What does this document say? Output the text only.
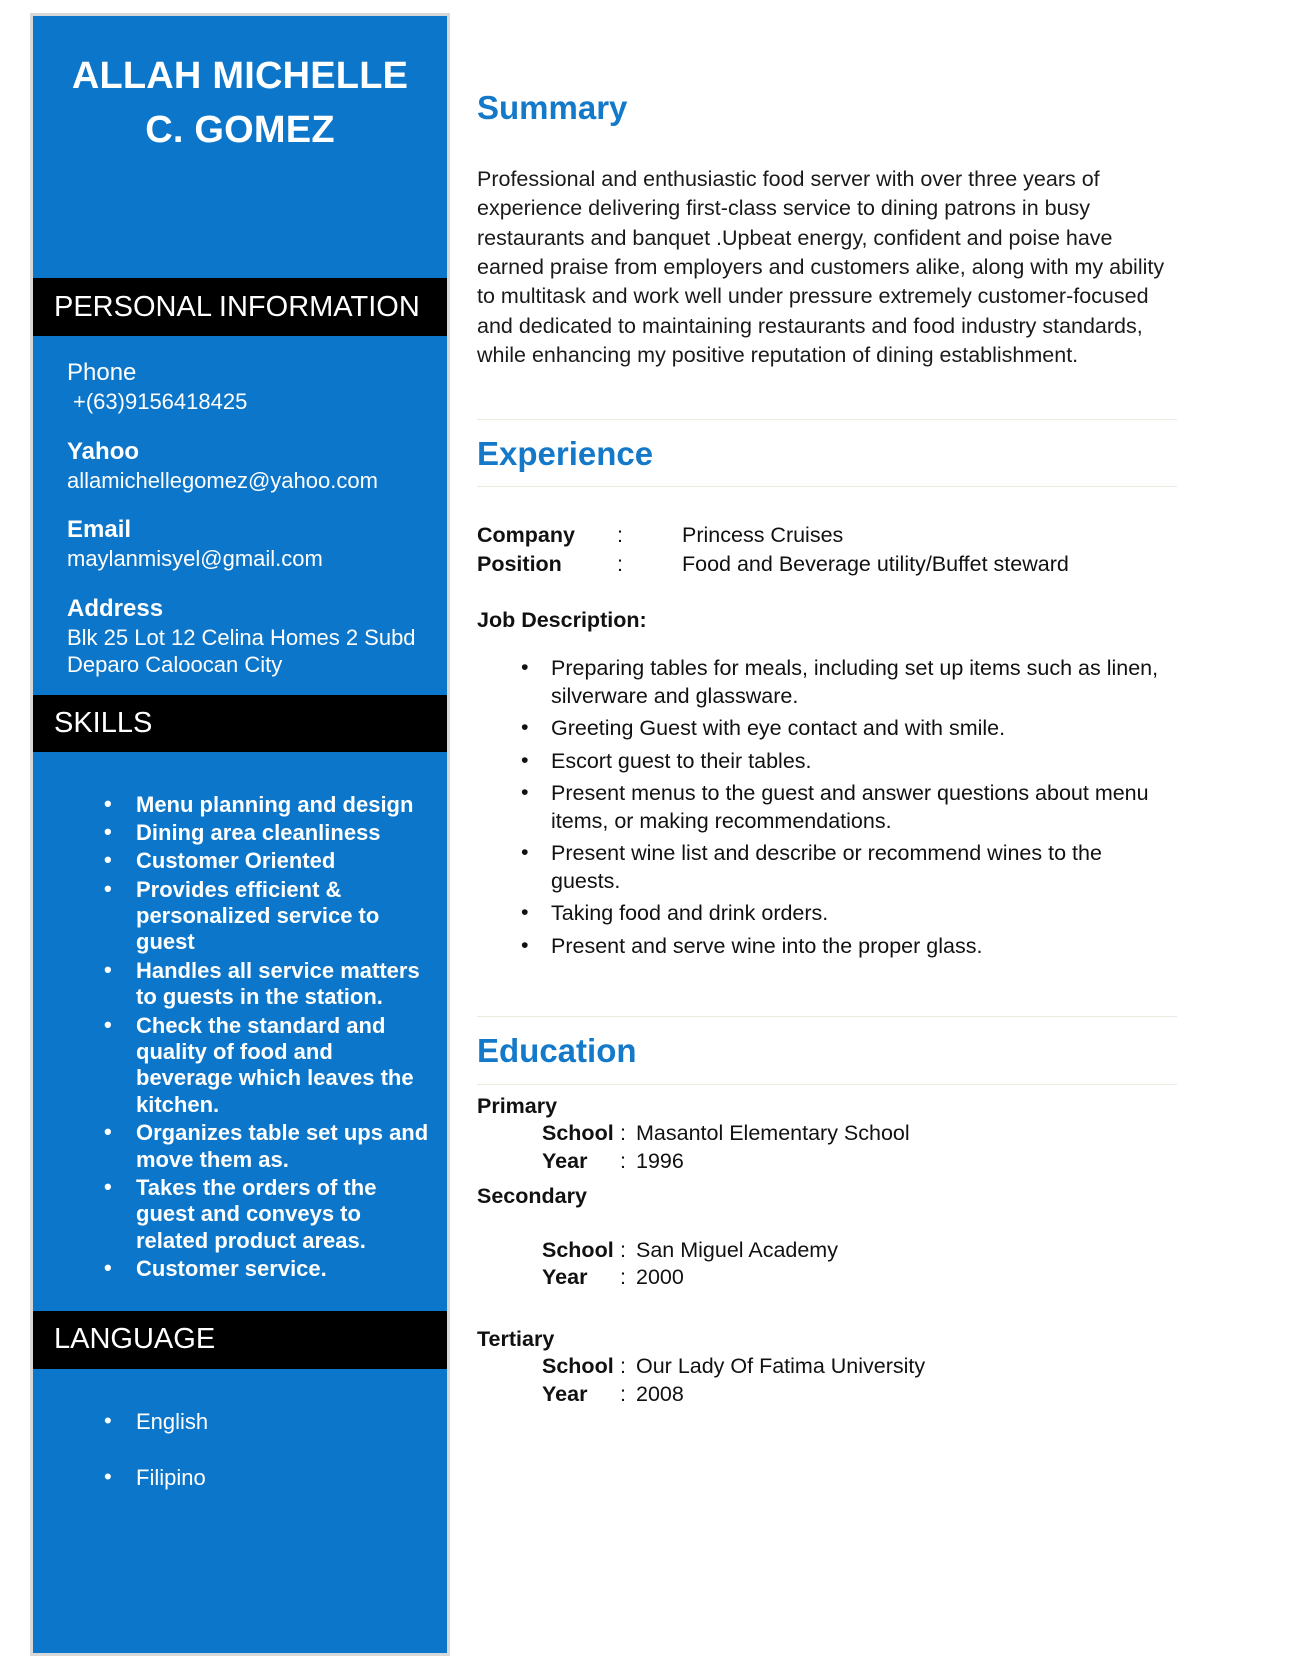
ALLAH MICHELLE
C. GOMEZ
PERSONAL INFORMATION
Phone
+(63)9156418425
Yahoo
allamichellegomez@yahoo.com
Email
maylanmisyel@gmail.com
Address
Blk 25 Lot 12 Celina Homes 2 Subd
Deparo Caloocan City
SKILLS
• Menu planning and design
• Dining area cleanliness
• Customer Oriented
• Provides efficient & personalized service to guest
• Handles all service matters to guests in the station.
• Check the standard and quality of food and beverage which leaves the kitchen.
• Organizes table set ups and move them as.
• Takes the orders of the guest and conveys to related product areas.
• Customer service.
LANGUAGE
• English
• Filipino
Summary

Professional and enthusiastic food server with over three years of experience delivering first-class service to dining patrons in busy restaurants and banquet .Upbeat energy, confident and poise have earned praise from employers and customers alike, along with my ability to multitask and work well under pressure extremely customer-focused and dedicated to maintaining restaurants and food industry standards, while enhancing my positive reputation of dining establishment.

Experience
Company	:	Princess Cruises
Position	:	Food and Beverage utility/Buffet steward
Job Description:
• Preparing tables for meals, including set up items such as linen, silverware and glassware.
• Greeting Guest with eye contact and with smile.
• Escort guest to their tables.
• Present menus to the guest and answer questions about menu items, or making recommendations.
• Present wine list and describe or recommend wines to the guests.
• Taking food and drink orders.
• Present and serve wine into the proper glass.
Education
Primary
School : Masantol Elementary School
Year	: 1996
Secondary
School : San Miguel Academy
Year	: 2000
Tertiary
School : Our Lady Of Fatima University
Year	: 2008
